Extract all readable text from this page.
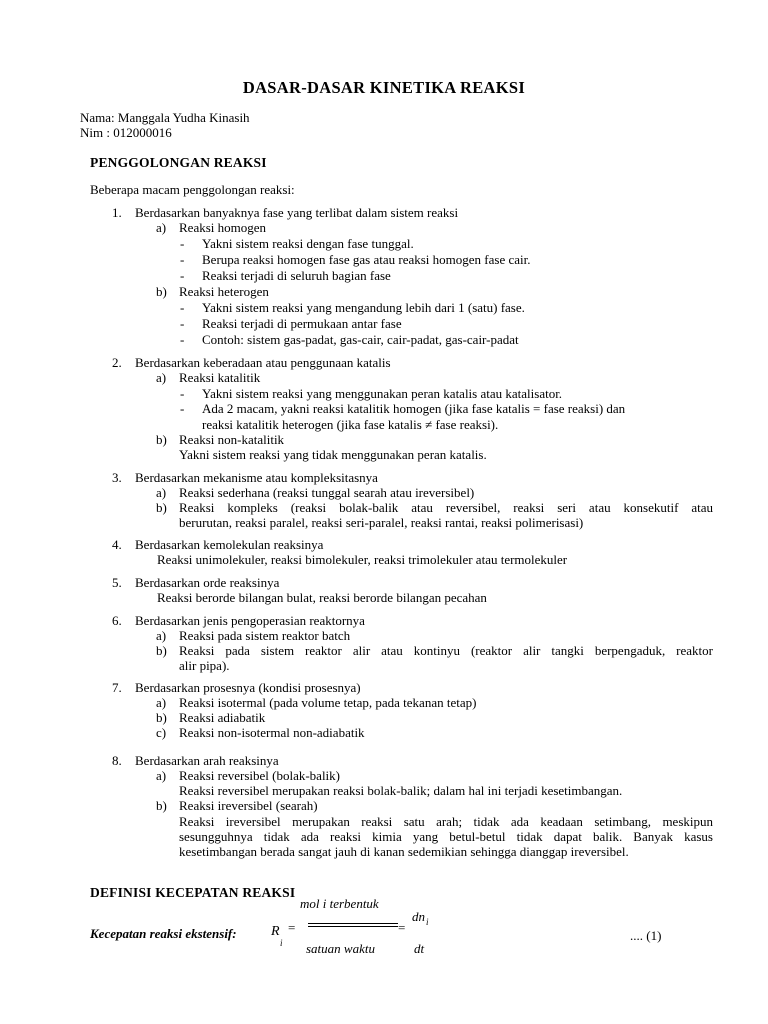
DASAR-DASAR KINETIKA REAKSI
Nama: Manggala Yudha Kinasih
Nim : 012000016
PENGGOLONGAN REAKSI
Beberapa macam penggolongan reaksi:
1. Berdasarkan banyaknya fase yang terlibat dalam sistem reaksi
a) Reaksi homogen
- Yakni sistem reaksi dengan fase tunggal.
- Berupa reaksi homogen fase gas atau reaksi homogen fase cair.
- Reaksi terjadi di seluruh bagian fase
b) Reaksi heterogen
- Yakni sistem reaksi yang mengandung lebih dari 1 (satu) fase.
- Reaksi terjadi di permukaan antar fase
- Contoh: sistem gas-padat, gas-cair, cair-padat, gas-cair-padat
2. Berdasarkan keberadaan atau penggunaan katalis
a) Reaksi katalitik
- Yakni sistem reaksi yang menggunakan peran katalis atau katalisator.
- Ada 2 macam, yakni reaksi katalitik homogen (jika fase katalis = fase reaksi) dan
reaksi katalitik heterogen (jika fase katalis ≠ fase reaksi).
b) Reaksi non-katalitik
Yakni sistem reaksi yang tidak menggunakan peran katalis.
3. Berdasarkan mekanisme atau kompleksitasnya
a) Reaksi sederhana (reaksi tunggal searah atau ireversibel)
b) Reaksi kompleks (reaksi bolak-balik atau reversibel, reaksi seri atau konsekutif atau
berurutan, reaksi paralel, reaksi seri-paralel, reaksi rantai, reaksi polimerisasi)
4. Berdasarkan kemolekulan reaksinya
Reaksi unimolekuler, reaksi bimolekuler, reaksi trimolekuler atau termolekuler
5. Berdasarkan orde reaksinya
Reaksi berorde bilangan bulat, reaksi berorde bilangan pecahan
6. Berdasarkan jenis pengoperasian reaktornya
a) Reaksi pada sistem reaktor batch
b) Reaksi pada sistem reaktor alir atau kontinyu (reaktor alir tangki berpengaduk, reaktor
alir pipa).
7. Berdasarkan prosesnya (kondisi prosesnya)
a) Reaksi isotermal (pada volume tetap, pada tekanan tetap)
b) Reaksi adiabatik
c) Reaksi non-isotermal non-adiabatik
8. Berdasarkan arah reaksinya
a) Reaksi reversibel (bolak-balik)
Reaksi reversibel merupakan reaksi bolak-balik; dalam hal ini terjadi kesetimbangan.
b) Reaksi ireversibel (searah)
Reaksi ireversibel merupakan reaksi satu arah; tidak ada keadaan setimbang, meskipun
sesungguhnya tidak ada reaksi kimia yang betul-betul tidak dapat balik. Banyak kasus
kesetimbangan berada sangat jauh di kanan sedemikian sehingga dianggap ireversibel.
DEFINISI KECEPATAN REAKSI
Kecepatan reaksi ekstensif: R
i
=
mol i terbentuk
satuan waktu
=
dn i
dt
.... (1)
